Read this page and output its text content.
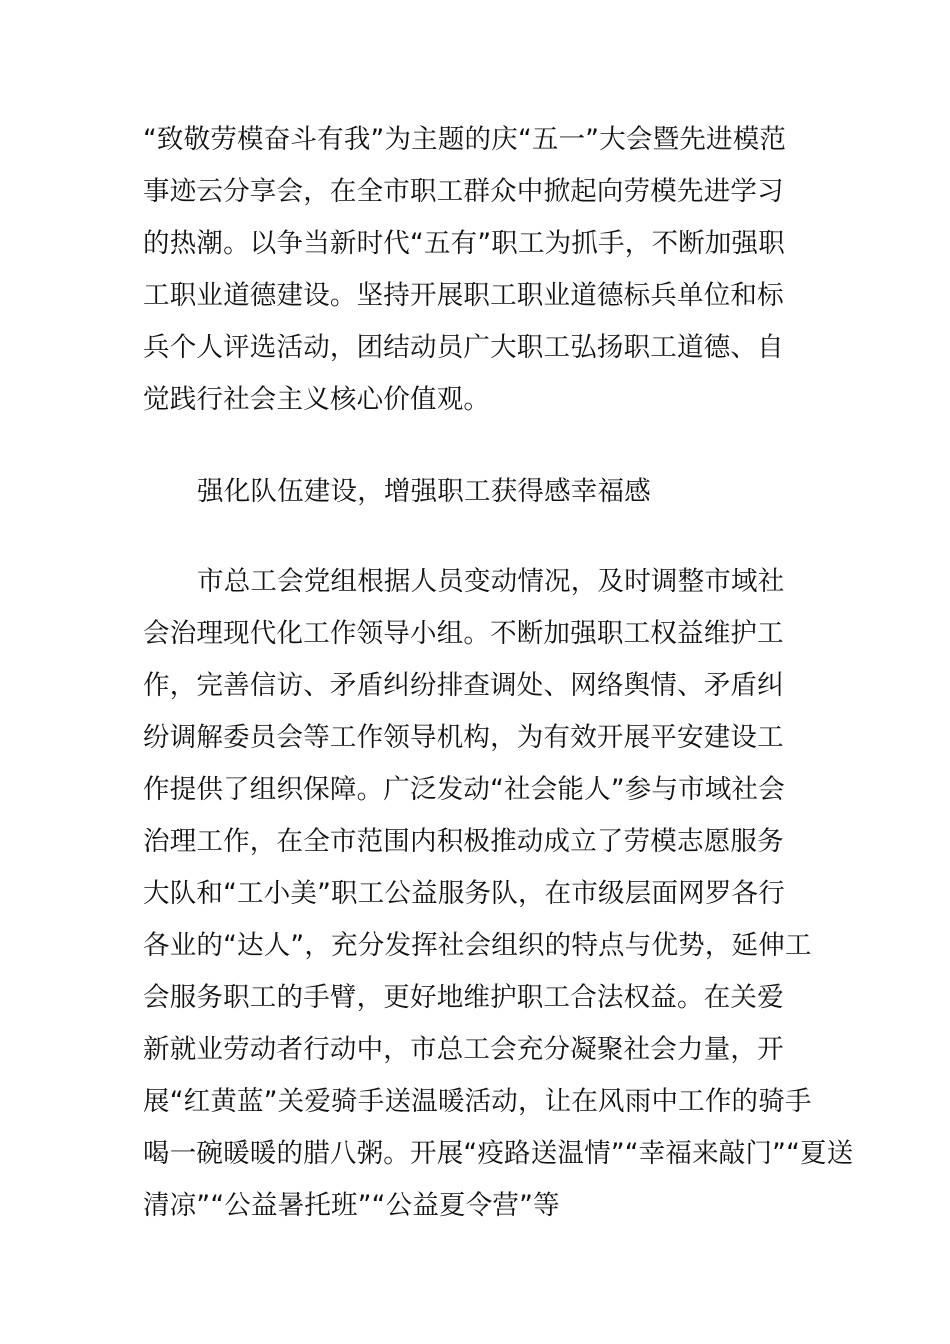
“致敬劳模奋斗有我”为主题的庆“五一”大会暨先进模范
事迹云分享会，在全市职工群众中掀起向劳模先进学习
的热潮。以争当新时代“五有”职工为抓手，不断加强职
工职业道德建设。坚持开展职工职业道德标兵单位和标
兵个人评选活动，团结动员广大职工弘扬职工道德、自
觉践行社会主义核心价值观。
强化队伍建设，增强职工获得感幸福感
市总工会党组根据人员变动情况，及时调整市域社
会治理现代化工作领导小组。不断加强职工权益维护工
作，完善信访、矛盾纠纷排查调处、网络舆情、矛盾纠
纷调解委员会等工作领导机构，为有效开展平安建设工
作提供了组织保障。广泛发动“社会能人”参与市域社会
治理工作，在全市范围内积极推动成立了劳模志愿服务
大队和“工小美”职工公益服务队，在市级层面网罗各行
各业的“达人”，充分发挥社会组织的特点与优势，延伸工
会服务职工的手臂，更好地维护职工合法权益。在关爱
新就业劳动者行动中，市总工会充分凝聚社会力量，开
展“红黄蓝”关爱骑手送温暖活动，让在风雨中工作的骑手
喝一碗暖暖的腊八粥。开展“疫路送温情”“幸福来敲门”“夏送
清凉”“公益暑托班”“公益夏令营”等
